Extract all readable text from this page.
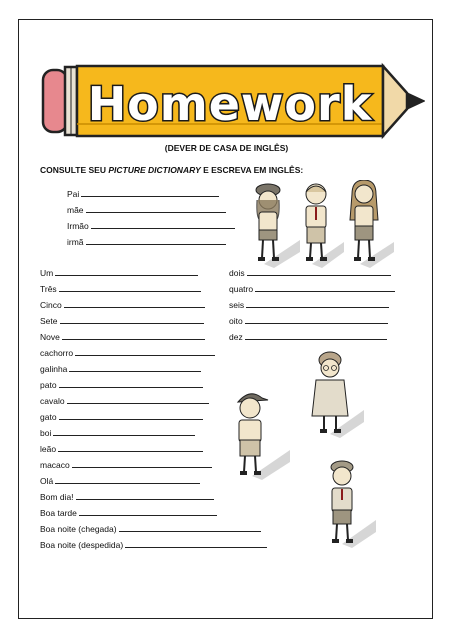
Homework
(DEVER DE CASA DE INGLÊS)
CONSULTE SEU PICTURE DICTIONARY E ESCREVA EM INGLÊS:
Pai
mãe
Irmão
irmã
Um
Três
Cinco
Sete
Nove
dois
quatro
seis
oito
dez
cachorro
galinha
pato
cavalo
gato
boi
leão
macaco
Olá
Bom dia!
Boa tarde
Boa noite (chegada)
Boa noite (despedida)
